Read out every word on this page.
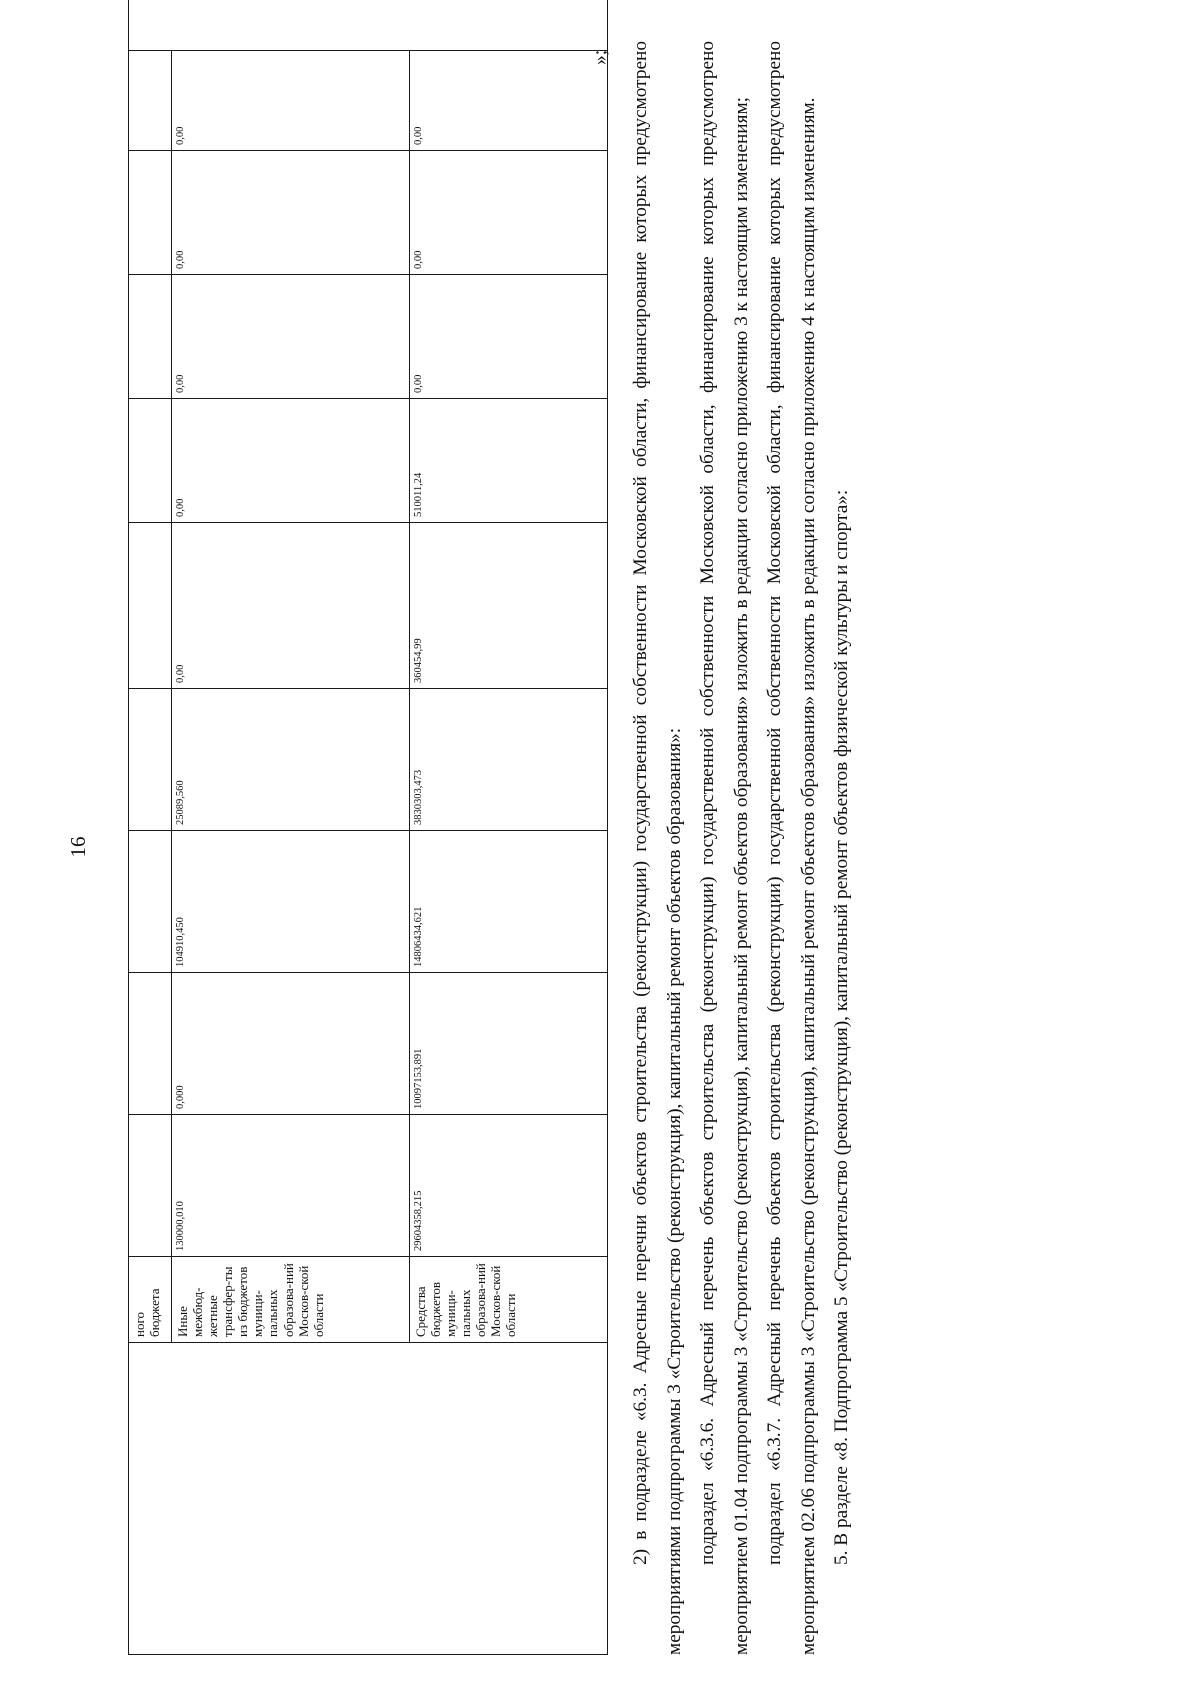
16
	ного бюджета										
	Иные межбюд-жетные трансфер-ты из бюджетов муници-пальных образова-ний Москов-ской области	130000,010	0,000	104910,450	25089,560	0,00	0,00	0,00	0,00	0,00	
	Средства бюджетов муници-пальных образова-ний Москов-ской области	29604358,215	10097153,891	14806434,621	3830303,473	360454,99	510011,24	0,00	0,00	0,00	
»; 2) в подразделе «6.3. Адресные перечни объектов строительства (реконструкции) государственной собственности Московской области, финансирование которых предусмотрено мероприятиями подпрограммы 3 «Строительство (реконструкция), капитальный ремонт объектов образования»: подраздел «6.3.6. Адресный перечень объектов строительства (реконструкции) государственной собственности Московской области, финансирование которых предусмотрено мероприятием 01.04 подпрограммы 3 «Строительство (реконструкция), капитальный ремонт объектов образования» изложить в редакции согласно приложению 3 к настоящим изменениям; подраздел «6.3.7. Адресный перечень объектов строительства (реконструкции) государственной собственности Московской области, финансирование которых предусмотрено мероприятием 02.06 подпрограммы 3 «Строительство (реконструкция), капитальный ремонт объектов образования» изложить в редакции согласно приложению 4 к настоящим изменениям. 5. В разделе «8. Подпрограмма 5 «Строительство (реконструкция), капитальный ремонт объектов физической культуры и спорта»:
